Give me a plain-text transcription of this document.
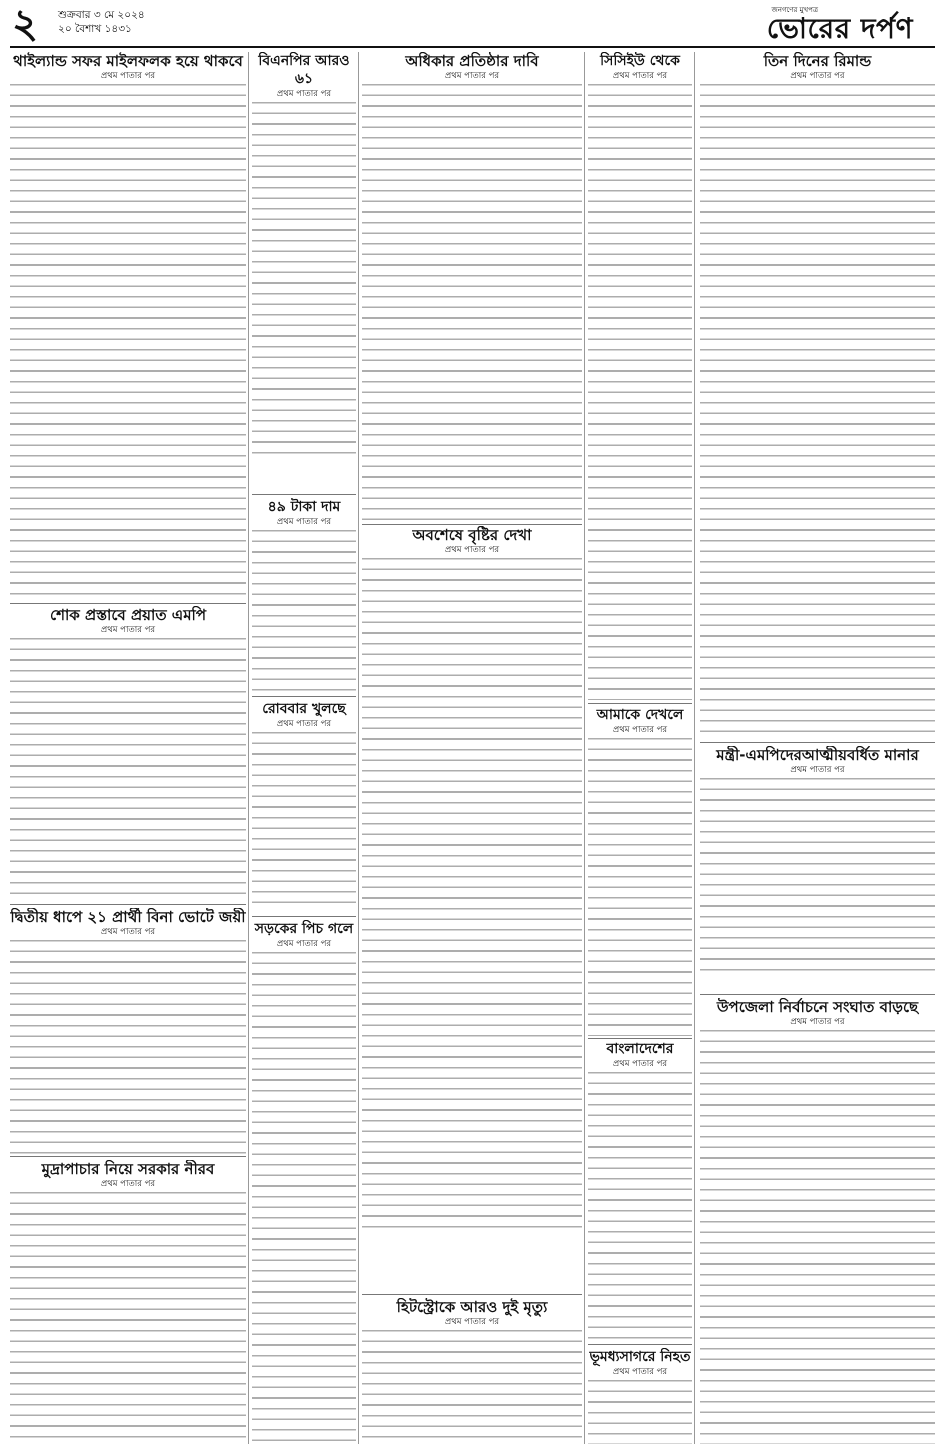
২ শুক্রবার ৩ মে ২০২৪
২০ বৈশাখ ১৪৩১
জনগণের মুখপত্র
ভোরের দর্পণ
থাইল্যান্ড সফর মাইলফলক হয়ে থাকবে
প্রথম পাতার পর
শোক প্রস্তাবে প্রয়াত এমপি
প্রথম পাতার পর
দ্বিতীয় ধাপে ২১ প্রার্থী বিনা ভোটে জয়ী
প্রথম পাতার পর
মুদ্রাপাচার নিয়ে সরকার নীরব
প্রথম পাতার পর
বিএনপির আরও ৬১
প্রথম পাতার পর
৪৯ টাকা দাম
প্রথম পাতার পর
রোববার খুলছে
প্রথম পাতার পর
সড়কের পিচ গলে
প্রথম পাতার পর
অধিকার প্রতিষ্ঠার দাবি
প্রথম পাতার পর
অবশেষে বৃষ্টির দেখা
প্রথম পাতার পর
হিটস্ট্রোকে আরও দুই মৃত্যু
প্রথম পাতার পর
সিসিইউ থেকে
প্রথম পাতার পর
আমাকে দেখলে
প্রথম পাতার পর
বাংলাদেশের
প্রথম পাতার পর
ভূমধ্যসাগরে নিহত
প্রথম পাতার পর
তিন দিনের রিমান্ড
প্রথম পাতার পর
মন্ত্রী-এমপিদেরআত্মীয়বর্ধিত মানার
প্রথম পাতার পর
উপজেলা নির্বাচনে সংঘাত বাড়ছে
প্রথম পাতার পর
